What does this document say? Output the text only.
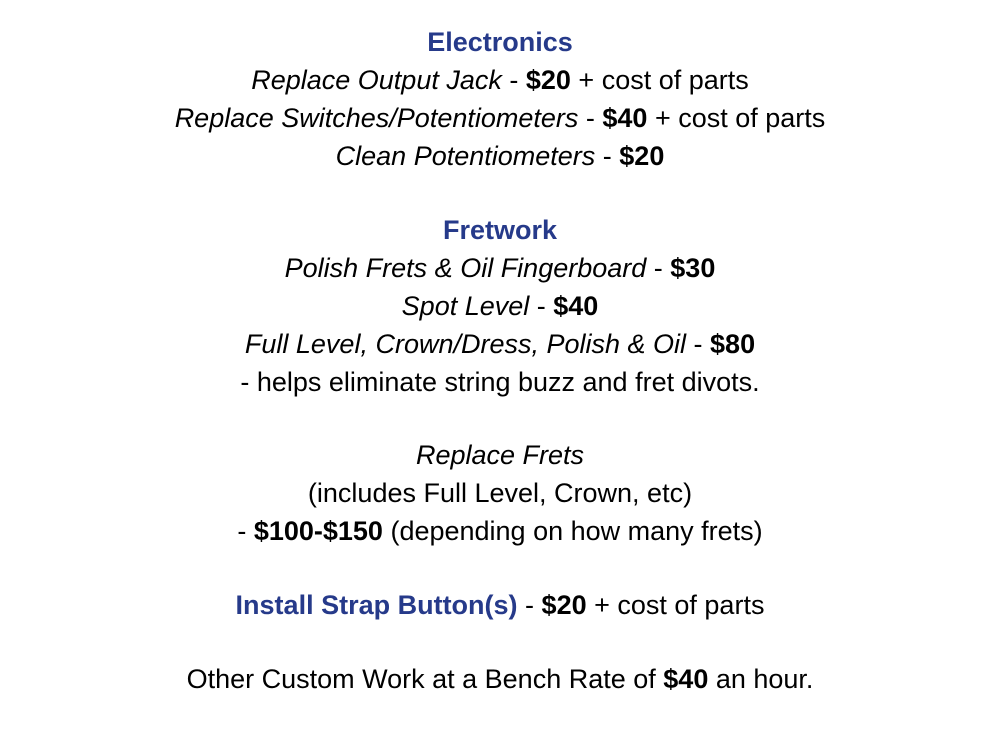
Electronics
Replace Output Jack - $20 + cost of parts
Replace Switches/Potentiometers - $40 + cost of parts
Clean Potentiometers - $20
Fretwork
Polish Frets & Oil Fingerboard - $30
Spot Level - $40
Full Level, Crown/Dress, Polish & Oil - $80
- helps eliminate string buzz and fret divots.
Replace Frets
(includes Full Level, Crown, etc)
- $100-$150 (depending on how many frets)
Install Strap Button(s) - $20 + cost of parts
Other Custom Work at a Bench Rate of $40 an hour.
